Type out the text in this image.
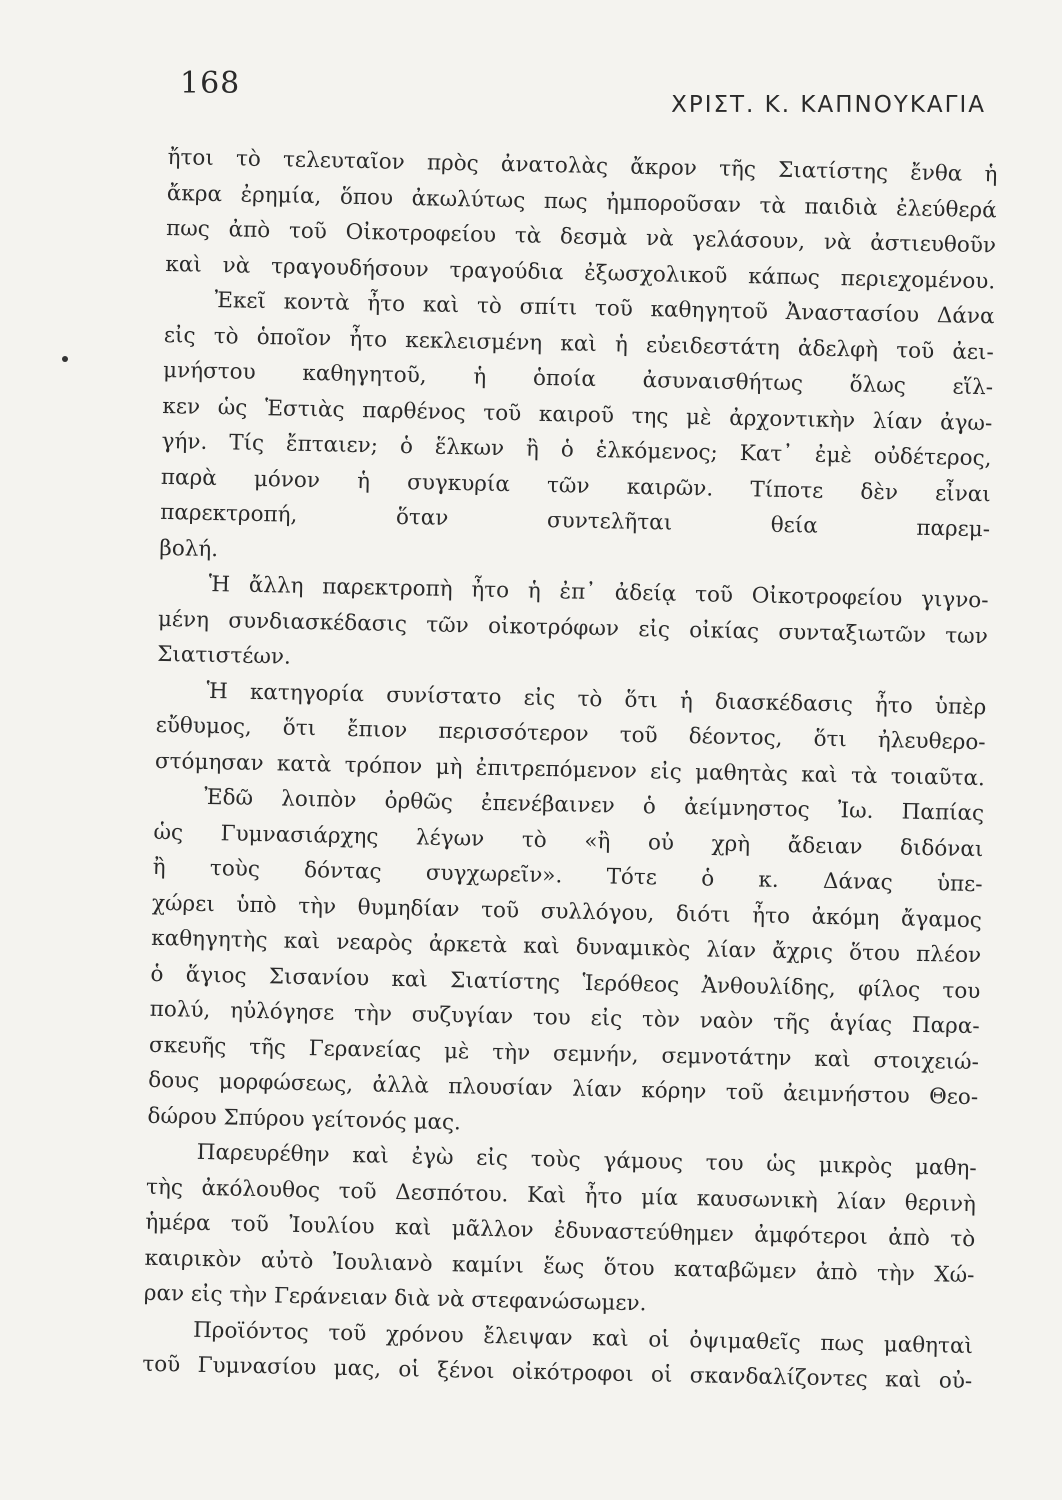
168
ΧΡΙΣΤ. Κ. ΚΑΠΝΟΥΚΑΓΙΑ
ἤτοι τὸ τελευταῖον πρὸς ἀνατολὰς ἄκρον τῆς Σιατίστης ἔνθα ἡ
ἄκρα ἐρημία, ὅπου ἀκωλύτως πως ἠμποροῦσαν τὰ παιδιὰ ἐλεύθερά
πως ἀπὸ τοῦ Οἰκοτροφείου τὰ δεσμὰ νὰ γελάσουν, νὰ ἀστιευθοῦν
καὶ νὰ τραγουδήσουν τραγούδια ἐξωσχολικοῦ κάπως περιεχομένου.
Ἐκεῖ κοντὰ ἦτο καὶ τὸ σπίτι τοῦ καθηγητοῦ Ἀναστασίου Δάνα
εἰς τὸ ὁποῖον ἦτο κεκλεισμένη καὶ ἡ εὐειδεστάτη ἀδελφὴ τοῦ ἀει-
μνήστου καθηγητοῦ, ἡ ὁποία ἀσυναισθήτως ὅλως εἵλ-
κεν ὡς Ἑστιὰς παρθένος τοῦ καιροῦ της μὲ ἀρχοντικὴν λίαν ἀγω-
γήν. Τίς ἔπταιεν; ὁ ἕλκων ἢ ὁ ἑλκόμενος; Κατ᾿ ἐμὲ οὐδέτερος,
παρὰ μόνον ἡ συγκυρία τῶν καιρῶν. Τίποτε δὲν εἶναι
παρεκτροπή, ὅταν συντελῆται θεία παρεμ-
βολή.
Ἡ ἄλλη παρεκτροπὴ ἦτο ἡ ἐπ᾿ ἀδείᾳ τοῦ Οἰκοτροφείου γιγνο-
μένη συνδιασκέδασις τῶν οἰκοτρόφων εἰς οἰκίας συνταξιωτῶν των
Σιατιστέων.
Ἡ κατηγορία συνίστατο εἰς τὸ ὅτι ἡ διασκέδασις ἦτο ὑπὲρ
εὔθυμος, ὅτι ἔπιον περισσότερον τοῦ δέοντος, ὅτι ἠλευθερο-
στόμησαν κατὰ τρόπον μὴ ἐπιτρεπόμενον εἰς μαθητὰς καὶ τὰ τοιαῦτα.
Ἐδῶ λοιπὸν ὀρθῶς ἐπενέβαινεν ὁ ἀείμνηστος Ἰω. Παπίας
ὡς Γυμνασιάρχης λέγων τὸ «ἢ οὐ χρὴ ἄδειαν διδόναι
ἢ τοὺς δόντας συγχωρεῖν». Τότε ὁ κ. Δάνας ὑπε-
χώρει ὑπὸ τὴν θυμηδίαν τοῦ συλλόγου, διότι ἦτο ἀκόμη ἄγαμος
καθηγητὴς καὶ νεαρὸς ἀρκετὰ καὶ δυναμικὸς λίαν ἄχρις ὅτου πλέον
ὁ ἅγιος Σισανίου καὶ Σιατίστης Ἱερόθεος Ἀνθουλίδης, φίλος του
πολύ, ηὐλόγησε τὴν συζυγίαν του εἰς τὸν ναὸν τῆς ἁγίας Παρα-
σκευῆς τῆς Γερανείας μὲ τὴν σεμνήν, σεμνοτάτην καὶ στοιχειώ-
δους μορφώσεως, ἀλλὰ πλουσίαν λίαν κόρην τοῦ ἀειμνήστου Θεο-
δώρου Σπύρου γείτονός μας.
Παρευρέθην καὶ ἐγὼ εἰς τοὺς γάμους του ὡς μικρὸς μαθη-
τὴς ἀκόλουθος τοῦ Δεσπότου. Καὶ ἦτο μία καυσωνικὴ λίαν θερινὴ
ἡμέρα τοῦ Ἰουλίου καὶ μᾶλλον ἐδυναστεύθημεν ἀμφότεροι ἀπὸ τὸ
καιρικὸν αὐτὸ Ἰουλιανὸ καμίνι ἕως ὅτου καταβῶμεν ἀπὸ τὴν Χώ-
ραν εἰς τὴν Γεράνειαν διὰ νὰ στεφανώσωμεν.
Προϊόντος τοῦ χρόνου ἔλειψαν καὶ οἱ ὀψιμαθεῖς πως μαθηταὶ
τοῦ Γυμνασίου μας, οἱ ξένοι οἰκότροφοι οἱ σκανδαλίζοντες καὶ οὐ-
